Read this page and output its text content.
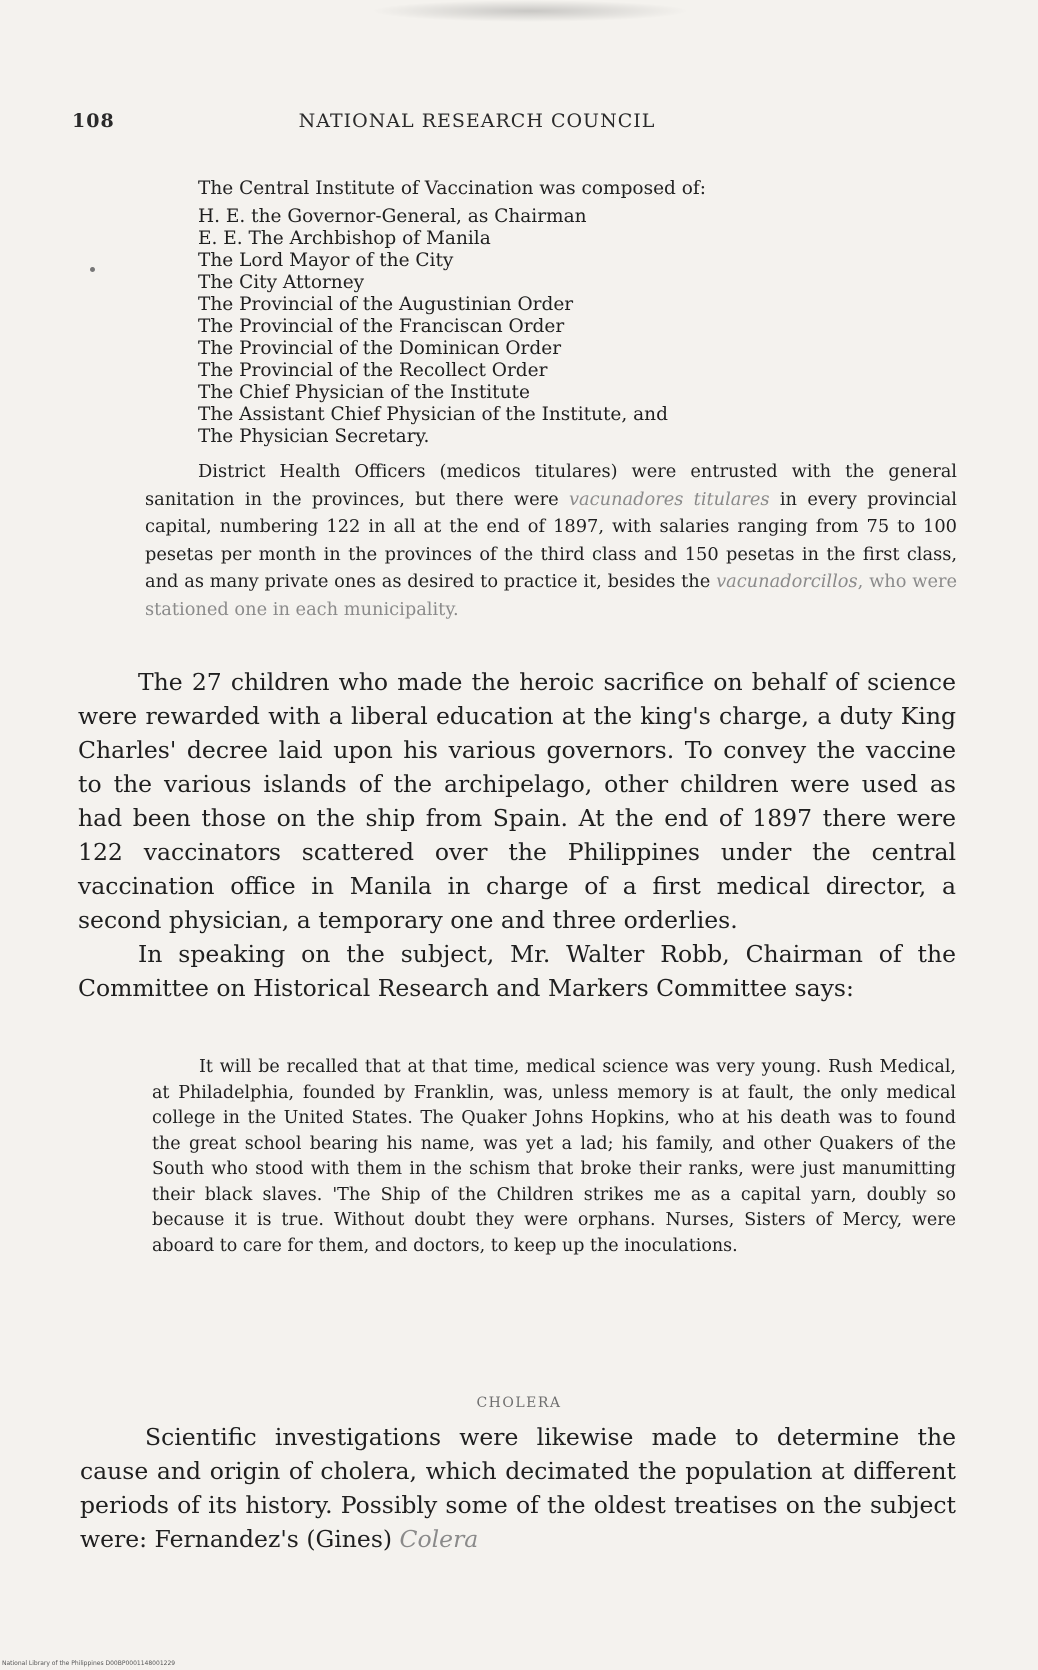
108	NATIONAL RESEARCH COUNCIL
The Central Institute of Vaccination was composed of:
H. E. the Governor-General, as Chairman
E. E. The Archbishop of Manila
The Lord Mayor of the City
The City Attorney
The Provincial of the Augustinian Order
The Provincial of the Franciscan Order
The Provincial of the Dominican Order
The Provincial of the Recollect Order
The Chief Physician of the Institute
The Assistant Chief Physician of the Institute, and
The Physician Secretary.
District Health Officers (medicos titulares) were entrusted with the general sanitation in the provinces, but there were vacunadores titulares in every provincial capital, numbering 122 in all at the end of 1897, with salaries ranging from 75 to 100 pesetas per month in the provinces of the third class and 150 pesetas in the first class, and as many private ones as desired to practice it, besides the vacunadorcillos, who were stationed one in each municipality.

The 27 children who made the heroic sacrifice on behalf of science were rewarded with a liberal education at the king's charge, a duty King Charles' decree laid upon his various governors. To convey the vaccine to the various islands of the archipelago, other children were used as had been those on the ship from Spain. At the end of 1897 there were 122 vaccinators scattered over the Philippines under the central vaccination office in Manila in charge of a first medical director, a second physician, a temporary one and three orderlies.

In speaking on the subject, Mr. Walter Robb, Chairman of the Committee on Historical Research and Markers Committee says:

It will be recalled that at that time, medical science was very young. Rush Medical, at Philadelphia, founded by Franklin, was, unless memory is at fault, the only medical college in the United States. The Quaker Johns Hopkins, who at his death was to found the great school bearing his name, was yet a lad; his family, and other Quakers of the South who stood with them in the schism that broke their ranks, were just manumitting their black slaves. 'The Ship of the Children strikes me as a capital yarn, doubly so because it is true. Without doubt they were orphans. Nurses, Sisters of Mercy, were aboard to care for them, and doctors, to keep up the inoculations.
CHOLERA
Scientific investigations were likewise made to determine the cause and origin of cholera, which decimated the population at different periods of its history. Possibly some of the oldest treatises on the subject were: Fernandez's (Gines) Colera
National Library of the Philippines D00BP0001148001229
